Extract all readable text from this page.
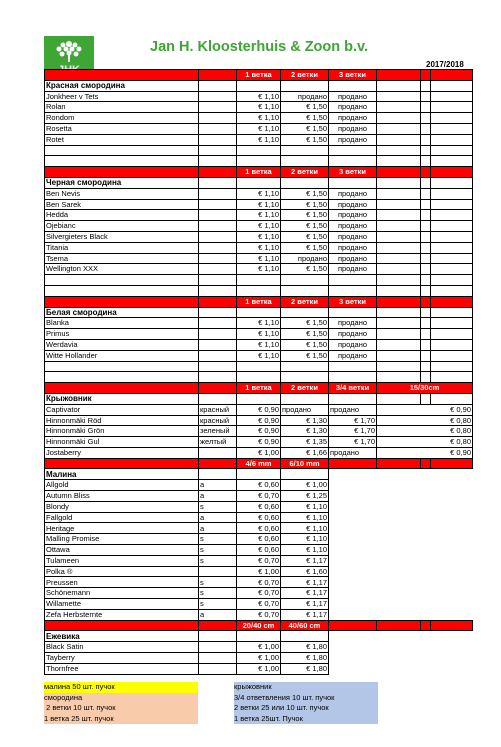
Jan H. Kloosterhuis & Zoon b.v.
2017/2018
		1 ветка	2 ветки	3 ветки			
Красная смородина							
Jonkheer v Tets		€ 1,10	продано	продано			
Rolan		€ 1,10	€ 1,50	продано			
Rondom		€ 1,10	€ 1,50	продано			
Rosetta		€ 1,10	€ 1,50	продано			
Rotet		€ 1,10	€ 1,50	продано			

		1 ветка	2 ветки	3 ветки			
Черная смородина							
Ben Nevis		€ 1,10	€ 1,50	продано			
Ben Sarek		€ 1,10	€ 1,50	продано			
Hedda		€ 1,10	€ 1,50	продано			
Ojebianc		€ 1,10	€ 1,50	продано			
Silvergieters Black		€ 1,10	€ 1,50	продано			
Titania		€ 1,10	€ 1,50	продано			
Tsema		€ 1,10	продано	продано			
Wellington XXX		€ 1,10	€ 1,50	продано			

		1 ветка	2 ветки	3 ветки			
Белая смородина							
Blanka		€ 1,10	€ 1,50	продано			
Primus		€ 1,10	€ 1,50	продано			
Werdavia		€ 1,10	€ 1,50	продано			
Witte Hollander		€ 1,10	€ 1,50	продано			

		1 ветка	2 ветки	3/4 ветки	15/30cm		
Крыжовник							
Captivator	красный	€ 0,90	продано	продано	€ 0,90		
Hinnonmäki Röd	красный	€ 0,90	€ 1,30	€ 1,70	€ 0,80		
Hinnonmäki Grön	зеленый	€ 0,90	€ 1,30	€ 1,70	€ 0,80		
Hinnonmäki Gul	желтый	€ 0,90	€ 1,35	€ 1,70	€ 0,80		
Jostaberry		€ 1,00	€ 1,66	продано	€ 0,90		
		4/6 mm	6/10 mm				
Малина							
Allgold	a	€ 0,60	€ 1,00				
Autumn Bliss	a	€ 0,70	€ 1,25				
Blondy	s	€ 0,60	€ 1,10				
Fallgold	a	€ 0,60	€ 1,10				
Heritage	a	€ 0,60	€ 1,10				
Malling Promise	s	€ 0,60	€ 1,10				
Ottawa	s	€ 0,60	€ 1,10				
Tulameen	s	€ 0,70	€ 1,17				
Polka ®		€ 1,00	€ 1,60				
Preussen	s	€ 0,70	€ 1,17				
Schönemann	s	€ 0,70	€ 1,17				
Willamette	s	€ 0,70	€ 1,17				
Zefa Herbsternte	a	€ 0,70	€ 1,17				
		20/40 cm	40/60 cm				
Ежевика							
Black Satin		€ 1,00	€ 1,80				
Tayberry		€ 1,00	€ 1,80				
Thornfree		€ 1,00	€ 1,80				
малина 50 шт. пучок
смородина
2 ветки 10 шт. пучок
1 ветка 25 шт. пучок
крыжовник
3/4 ответвления 10 шт. пучок
2 ветки 25 или 10 шт. пучок
1 ветка 25шт. Пучок
